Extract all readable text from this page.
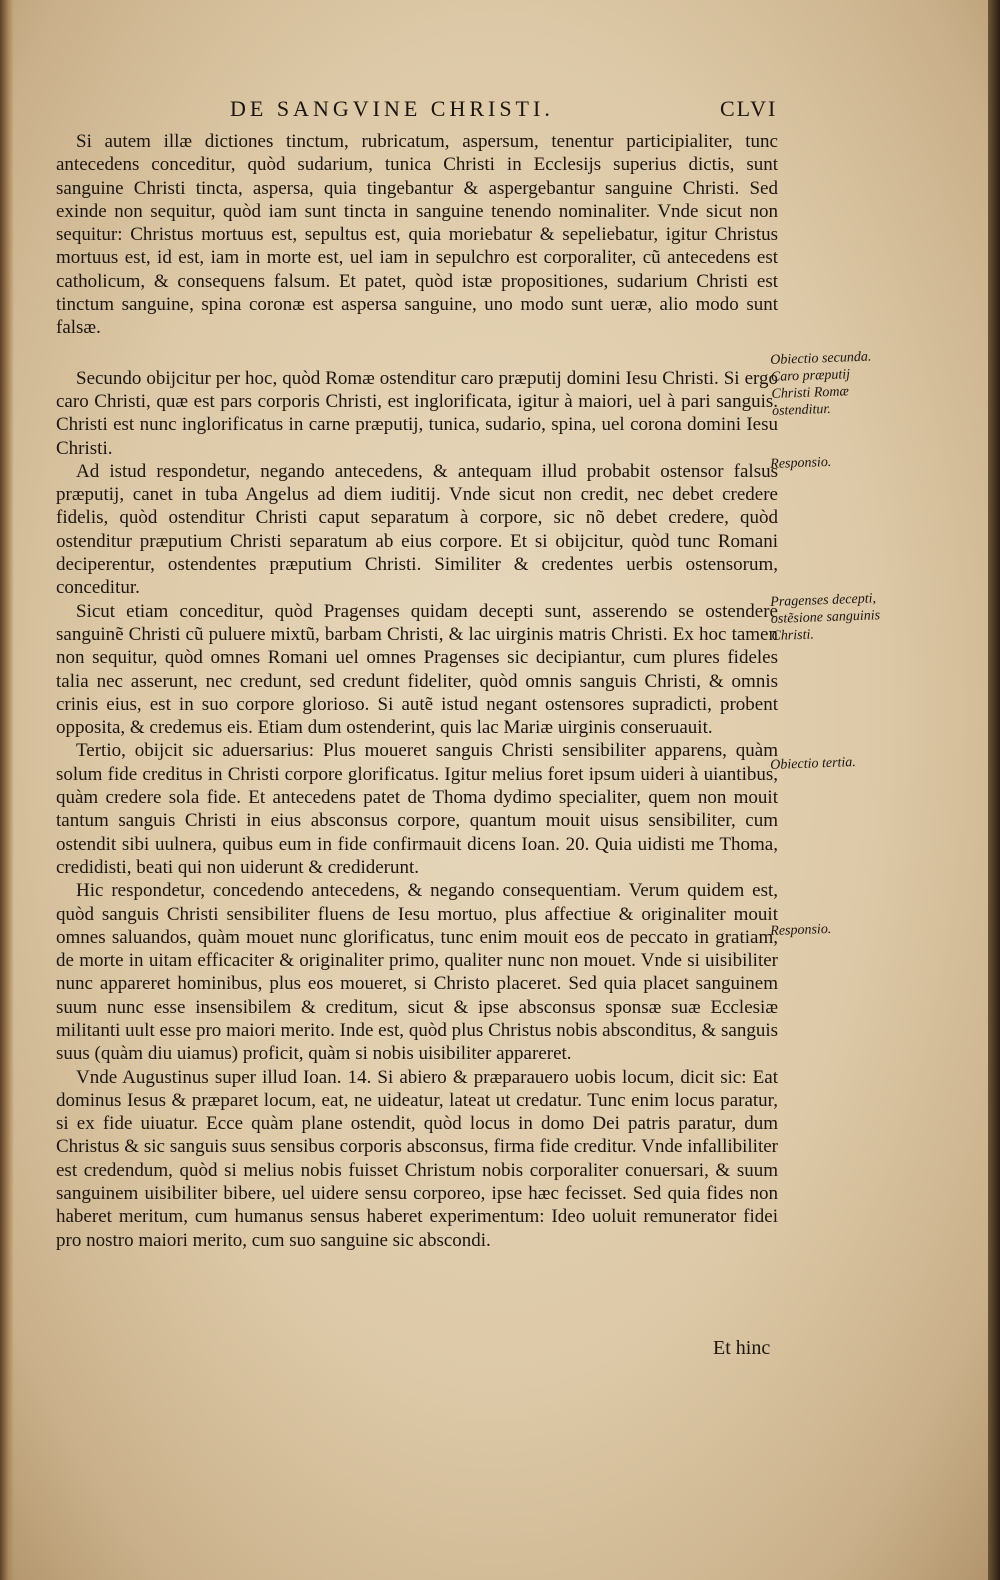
DE SANGVINE CHRISTI.	CLVI

Si autem illæ dictiones tinctum, rubricatum, aspersum, tenentur participialiter, tunc antecedens conceditur, quòd sudarium, tunica Christi in Ecclesijs superius dictis, sunt sanguine Christi tincta, aspersa, quia tingebantur & aspergebantur sanguine Christi. Sed exinde non sequitur, quòd iam sunt tincta in sanguine tenendo nominaliter. Vnde sicut non sequitur: Christus mortuus est, sepultus est, quia moriebatur & sepeliebatur, igitur Christus mortuus est, id est, iam in morte est, uel iam in sepulchro est corporaliter, cũ antecedens est catholicum, & consequens falsum. Et patet, quòd istæ propositiones, sudarium Christi est tinctum sanguine, spina coronæ est aspersa sanguine, uno modo sunt ueræ, alio modo sunt falsæ.

Secundo obijcitur per hoc, quòd Romæ ostenditur caro præputij domini Iesu Christi. Si ergo caro Christi, quæ est pars corporis Christi, est inglorificata, igitur à maiori, uel à pari sanguis. Christi est nunc inglorificatus in carne præputij, tunica, sudario, spina, uel corona domini Iesu Christi.

Ad istud respondetur, negando antecedens, & antequam illud probabit ostensor falsus præputij, canet in tuba Angelus ad diem iuditij. Vnde sicut non credit, nec debet credere fidelis, quòd ostenditur Christi caput separatum à corpore, sic nõ debet credere, quòd ostenditur præputium Christi separatum ab eius corpore. Et si obijcitur, quòd tunc Romani deciperentur, ostendentes præputium Christi. Similiter & credentes uerbis ostensorum, conceditur.

Sicut etiam conceditur, quòd Pragenses quidam decepti sunt, asserendo se ostendere sanguinẽ Christi cũ puluere mixtũ, barbam Christi, & lac uirginis matris Christi. Ex hoc tamen non sequitur, quòd omnes Romani uel omnes Pragenses sic decipiantur, cum plures fideles talia nec asserunt, nec credunt, sed credunt fideliter, quòd omnis sanguis Christi, & omnis crinis eius, est in suo corpore glorioso. Si autẽ istud negant ostensores supradicti, probent opposita, & credemus eis. Etiam dum ostenderint, quis lac Mariæ uirginis conseruauit.

Tertio, obijcit sic aduersarius: Plus moueret sanguis Christi sensibiliter apparens, quàm solum fide creditus in Christi corpore glorificatus. Igitur melius foret ipsum uideri à uiantibus, quàm credere sola fide. Et antecedens patet de Thoma dydimo specialiter, quem non mouit tantum sanguis Christi in eius absconsus corpore, quantum mouit uisus sensibiliter, cum ostendit sibi uulnera, quibus eum in fide confirmauit dicens Ioan. 20. Quia uidisti me Thoma, credidisti, beati qui non uiderunt & crediderunt.

Hic respondetur, concedendo antecedens, & negando consequentiam. Verum quidem est, quòd sanguis Christi sensibiliter fluens de Iesu mortuo, plus affectiue & originaliter mouit omnes saluandos, quàm mouet nunc glorificatus, tunc enim mouit eos de peccato in gratiam, de morte in uitam efficaciter & originaliter primo, qualiter nunc non mouet. Vnde si uisibiliter nunc appareret hominibus, plus eos moueret, si Christo placeret. Sed quia placet sanguinem suum nunc esse insensibilem & creditum, sicut & ipse absconsus sponsæ suæ Ecclesiæ militanti uult esse pro maiori merito. Inde est, quòd plus Christus nobis absconditus, & sanguis suus (quàm diu uiamus) proficit, quàm si nobis uisibiliter appareret.

Vnde Augustinus super illud Ioan. 14. Si abiero & præparauero uobis locum, dicit sic: Eat dominus Iesus & præparet locum, eat, ne uideatur, lateat ut credatur. Tunc enim locus paratur, si ex fide uiuatur. Ecce quàm plane ostendit, quòd locus in domo Dei patris paratur, dum Christus & sic sanguis suus sensibus corporis absconsus, firma fide creditur. Vnde infallibiliter est credendum, quòd si melius nobis fuisset Christum nobis corporaliter conuersari, & suum sanguinem uisibiliter bibere, uel uidere sensu corporeo, ipse hæc fecisset. Sed quia fides non haberet meritum, cum humanus sensus haberet experimentum: Ideo uoluit remunerator fidei pro nostro maiori merito, cum suo sanguine sic abscondi.

Obiectio secunda. Caro præputij Christi Romæ ostenditur.
Responsio.
Pragenses decepti, ostẽsione sanguinis Christi.
Obiectio tertia.
Responsio.
Et hinc
